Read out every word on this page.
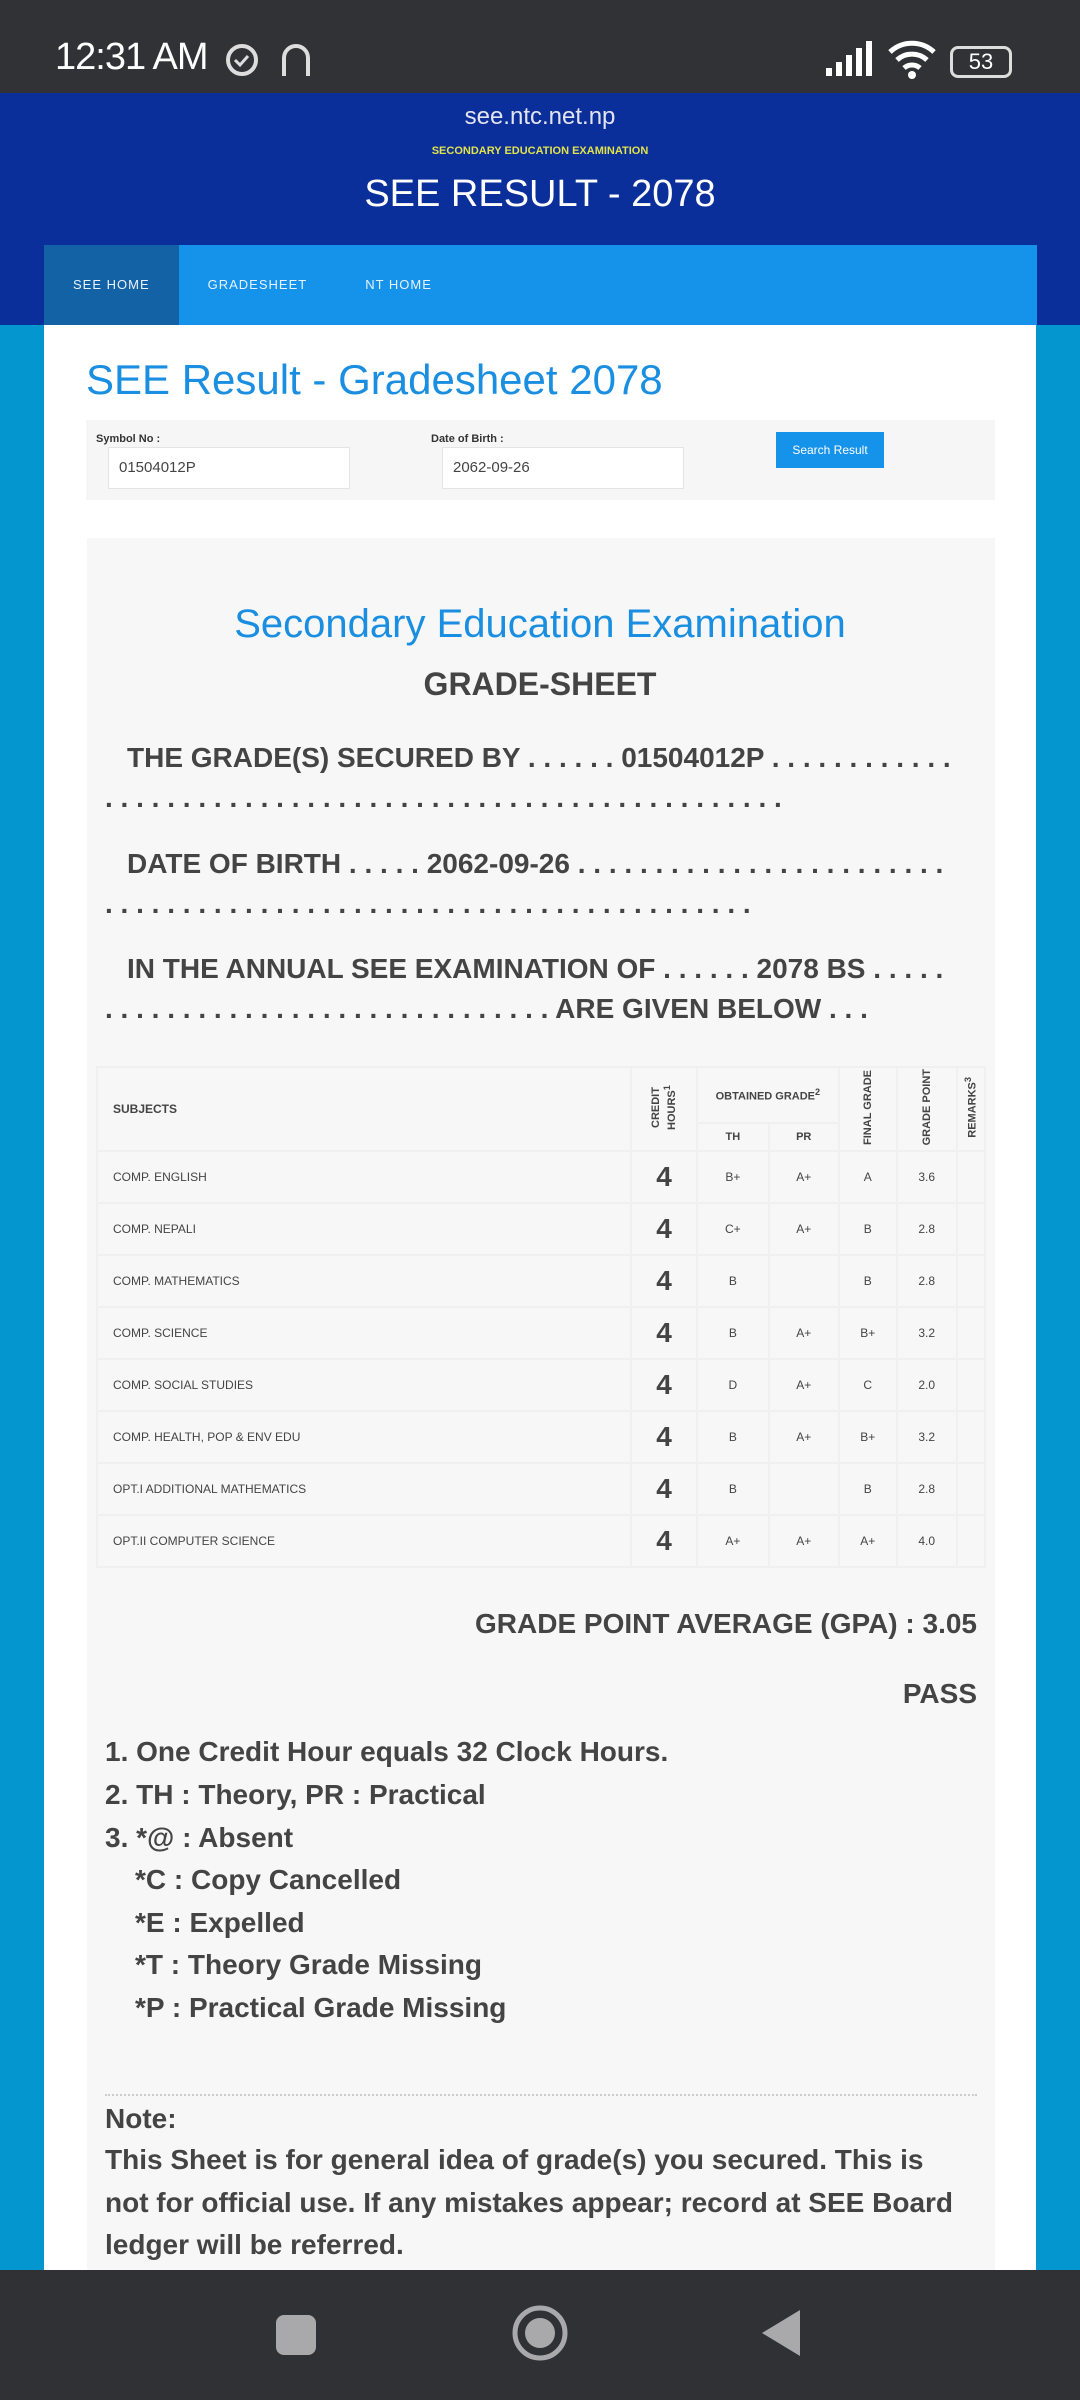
12:31 AM	53
see.ntc.net.np
SECONDARY EDUCATION EXAMINATION
SEE RESULT - 2078
SEE HOME	GRADESHEET	NT HOME
SEE Result - Gradesheet 2078
Symbol No :
01504012P
Date of Birth :
2062-09-26
Search Result
Secondary Education Examination
GRADE-SHEET
THE GRADE(S) SECURED BY . . . . . . 01504012P . . . . . . . . . . . .
. . . . . . . . . . . . . . . . . . . . . . . . . . . . . . . . . . . . . . . . . . . .
DATE OF BIRTH . . . . . 2062-09-26 . . . . . . . . . . . . . . . . . . . . . . . .
. . . . . . . . . . . . . . . . . . . . . . . . . . . . . . . . . . . . . . . . . .
IN THE ANNUAL SEE EXAMINATION OF . . . . . . 2078 BS . . . . .
. . . . . . . . . . . . . . . . . . . . . . . . . . . . . ARE GIVEN BELOW . . .
SUBJECTS	CREDIT HOURS$^1$	OBTAINED GRADE$^2$		FINAL GRADE	GRADE POINT	REMARKS$^3$
		TH	PR			
COMP. ENGLISH	4	B+	A+	A	3.6	
COMP. NEPALI	4	C+	A+	B	2.8	
COMP. MATHEMATICS	4	B		B	2.8	
COMP. SCIENCE	4	B	A+	B+	3.2	
COMP. SOCIAL STUDIES	4	D	A+	C	2.0	
COMP. HEALTH, POP & ENV EDU	4	B	A+	B+	3.2	
OPT.I ADDITIONAL MATHEMATICS	4	B		B	2.8	
OPT.II COMPUTER SCIENCE	4	A+	A+	A+	4.0	
GRADE POINT AVERAGE (GPA) : 3.05
PASS
1. One Credit Hour equals 32 Clock Hours.
2. TH : Theory, PR : Practical
3. *@ : Absent
*C : Copy Cancelled
*E : Expelled
*T : Theory Grade Missing
*P : Practical Grade Missing
Note:
This Sheet is for general idea of grade(s) you secured. This is
not for official use. If any mistakes appear; record at SEE Board
ledger will be referred.
